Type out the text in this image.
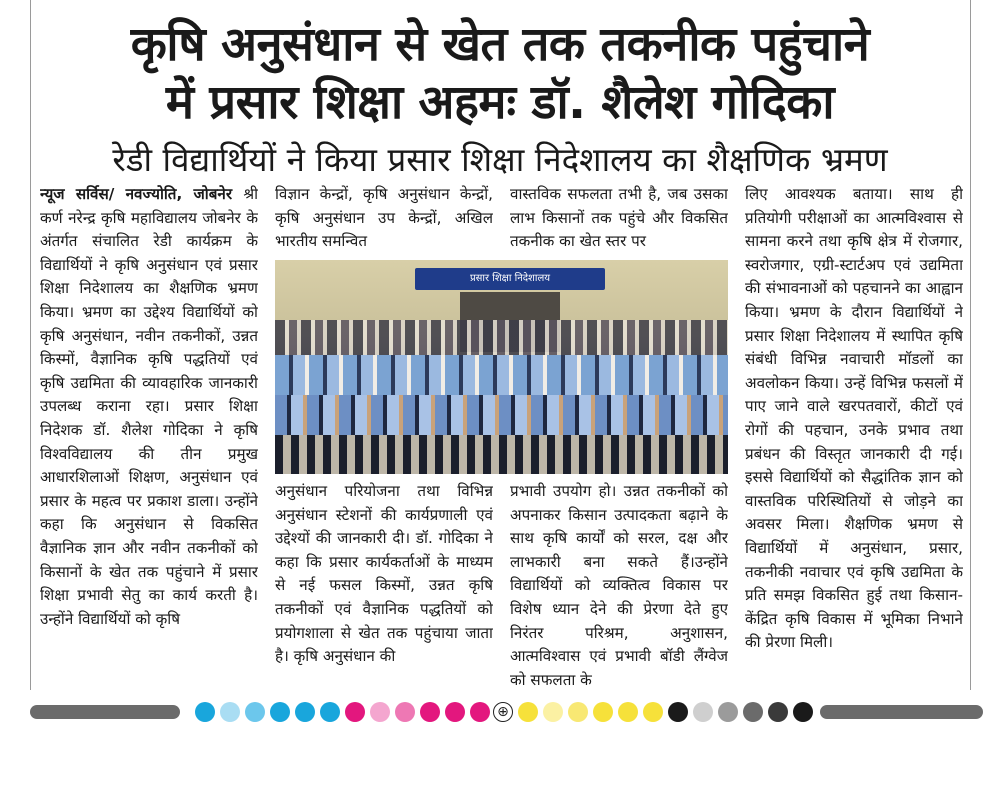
कृषि अनुसंधान से खेत तक तकनीक पहुंचाने
में प्रसार शिक्षा अहमः डॉ. शैलेश गोदिका
रेडी विद्यार्थियों ने किया प्रसार शिक्षा निदेशालय का शैक्षणिक भ्रमण
न्यूज सर्विस/ नवज्योति, जोबनेर श्री कर्ण नरेन्द्र कृषि महाविद्यालय जोबनेर के अंतर्गत संचालित रेडी कार्यक्रम के विद्यार्थियों ने कृषि अनुसंधान एवं प्रसार शिक्षा निदेशालय का शैक्षणिक भ्रमण किया। भ्रमण का उद्देश्य विद्यार्थियों को कृषि अनुसंधान, नवीन तकनीकों, उन्नत किस्मों, वैज्ञानिक कृषि पद्धतियों एवं कृषि उद्यमिता की व्यावहारिक जानकारी उपलब्ध कराना रहा। प्रसार शिक्षा निदेशक डॉ. शैलेश गोदिका ने कृषि विश्वविद्यालय की तीन प्रमुख आधारशिलाओं शिक्षण, अनुसंधान एवं प्रसार के महत्व पर प्रकाश डाला। उन्होंने कहा कि अनुसंधान से विकसित वैज्ञानिक ज्ञान और नवीन तकनीकों को किसानों के खेत तक पहुंचाने में प्रसार शिक्षा प्रभावी सेतु का कार्य करती है। उन्होंने विद्यार्थियों को कृषि
विज्ञान केन्द्रों, कृषि अनुसंधान केन्द्रों, कृषि अनुसंधान उप केन्द्रों, अखिल भारतीय समन्वित
वास्तविक सफलता तभी है, जब उसका लाभ किसानों तक पहुंचे और विकसित तकनीक का खेत स्तर पर
प्रसार शिक्षा निदेशालय
अनुसंधान परियोजना तथा विभिन्न अनुसंधान स्टेशनों की कार्यप्रणाली एवं उद्देश्यों की जानकारी दी। डॉ. गोदिका ने कहा कि प्रसार कार्यकर्ताओं के माध्यम से नई फसल किस्मों, उन्नत कृषि तकनीकों एवं वैज्ञानिक पद्धतियों को प्रयोगशाला से खेत तक पहुंचाया जाता है। कृषि अनुसंधान की
प्रभावी उपयोग हो। उन्नत तकनीकों को अपनाकर किसान उत्पादकता बढ़ाने के साथ कृषि कार्यों को सरल, दक्ष और लाभकारी बना सकते हैं।उन्होंने विद्यार्थियों को व्यक्तित्व विकास पर विशेष ध्यान देने की प्रेरणा देते हुए निरंतर परिश्रम, अनुशासन, आत्मविश्वास एवं प्रभावी बॉडी लैंग्वेज को सफलता के
लिए आवश्यक बताया। साथ ही प्रतियोगी परीक्षाओं का आत्मविश्वास से सामना करने तथा कृषि क्षेत्र में रोजगार, स्वरोजगार, एग्री-स्टार्टअप एवं उद्यमिता की संभावनाओं को पहचानने का आह्वान किया। भ्रमण के दौरान विद्यार्थियों ने प्रसार शिक्षा निदेशालय में स्थापित कृषि संबंधी विभिन्न नवाचारी मॉडलों का अवलोकन किया। उन्हें विभिन्न फसलों में पाए जाने वाले खरपतवारों, कीटों एवं रोगों की पहचान, उनके प्रभाव तथा प्रबंधन की विस्तृत जानकारी दी गई। इससे विद्यार्थियों को सैद्धांतिक ज्ञान को वास्तविक परिस्थितियों से जोड़ने का अवसर मिला। शैक्षणिक भ्रमण से विद्यार्थियों में अनुसंधान, प्रसार, तकनीकी नवाचार एवं कृषि उद्यमिता के प्रति समझ विकसित हुई तथा किसान-केंद्रित कृषि विकास में भूमिका निभाने की प्रेरणा मिली।
⊕
